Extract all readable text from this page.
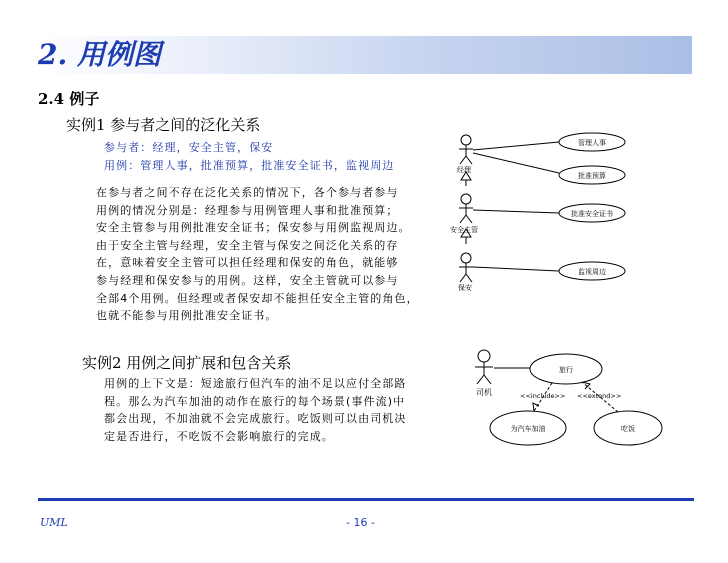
2. 用例图
2.4 例子
实例1 参与者之间的泛化关系
参与者：经理，安全主管，保安
用例：管理人事，批准预算，批准安全证书，监视周边
在参与者之间不存在泛化关系的情况下，各个参与者参与
用例的情况分别是：经理参与用例管理人事和批准预算；
安全主管参与用例批准安全证书；保安参与用例监视周边。
由于安全主管与经理，安全主管与保安之间泛化关系的存
在，意味着安全主管可以担任经理和保安的角色，就能够
参与经理和保安参与的用例。这样，安全主管就可以参与
全部4个用例。但经理或者保安却不能担任安全主管的角色，
也就不能参与用例批准安全证书。
经理
安全主管
保安
管理人事
批准预算
批准安全证书
监视周边
实例2 用例之间扩展和包含关系
用例的上下文是：短途旅行但汽车的油不足以应付全部路
程。那么为汽车加油的动作在旅行的每个场景(事件流)中
都会出现，不加油就不会完成旅行。吃饭则可以由司机决
定是否进行，不吃饭不会影响旅行的完成。
司机
旅行
为汽车加油	吃饭
<<include>> <<extend>>
UML	- 16 -
